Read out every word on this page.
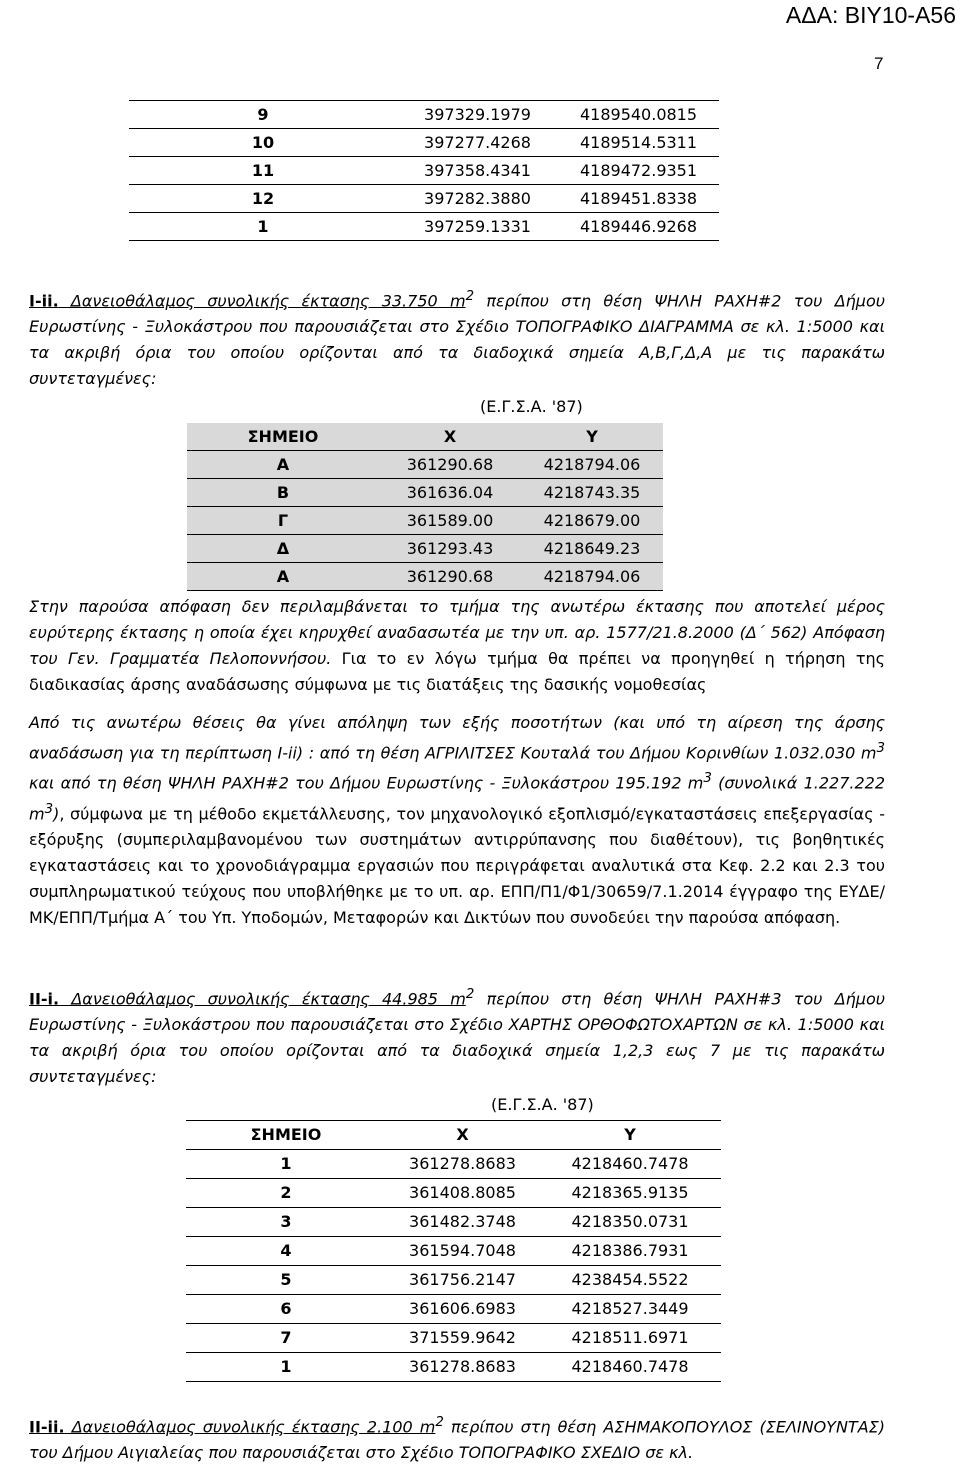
ΑΔΑ: ΒΙΥ10-Α56
7
9	397329.1979	4189540.0815
10	397277.4268	4189514.5311
11	397358.4341	4189472.9351
12	397282.3880	4189451.8338
1	397259.1331	4189446.9268

Ι-ii. Δανειοθάλαμος συνολικής έκτασης 33.750 $m^2$ περίπου στη θέση ΨΗΛΗ ΡΑΧΗ#2 του Δήμου Ευρωστίνης - Ξυλοκάστρου που παρουσιάζεται στο Σχέδιο ΤΟΠΟΓΡΑΦΙΚΟ ΔΙΑΓΡΑΜΜΑ σε κλ. 1:5000 και τα ακριβή όρια του οποίου ορίζονται από τα διαδοχικά σημεία Α,Β,Γ,Δ,Α με τις παρακάτω συντεταγμένες:

(Ε.Γ.Σ.Α. '87)
ΣΗΜΕΙΟ	Χ	Υ
Α	361290.68	4218794.06
Β	361636.04	4218743.35
Γ	361589.00	4218679.00
Δ	361293.43	4218649.23
Α	361290.68	4218794.06

Στην παρούσα απόφαση δεν περιλαμβάνεται το τμήμα της ανωτέρω έκτασης που αποτελεί μέρος ευρύτερης έκτασης η οποία έχει κηρυχθεί αναδασωτέα με την υπ. αρ. 1577/21.8.2000 (Δ΄ 562) Απόφαση του Γεν. Γραμματέα Πελοποννήσου. Για το εν λόγω τμήμα θα πρέπει να προηγηθεί η τήρηση της διαδικασίας άρσης αναδάσωσης σύμφωνα με τις διατάξεις της δασικής νομοθεσίας

Από τις ανωτέρω θέσεις θα γίνει απόληψη των εξής ποσοτήτων (και υπό τη αίρεση της άρσης αναδάσωση για τη περίπτωση I-ii) : από τη θέση ΑΓΡΙΛΙΤΣΕΣ Κουταλά του Δήμου Κορινθίων 1.032.030 $m^3$ και από τη θέση ΨΗΛΗ ΡΑΧΗ#2 του Δήμου Ευρωστίνης - Ξυλοκάστρου 195.192 $m^3$ (συνολικά 1.227.222 $m^3$), σύμφωνα με τη μέθοδο εκμετάλλευσης, τον μηχανολογικό εξοπλισμό/εγκαταστάσεις επεξεργασίας - εξόρυξης (συμπεριλαμβανομένου των συστημάτων αντιρρύπανσης που διαθέτουν), τις βοηθητικές εγκαταστάσεις και το χρονοδιάγραμμα εργασιών που περιγράφεται αναλυτικά στα Κεφ. 2.2 και 2.3 του συμπληρωματικού τεύχους που υποβλήθηκε με το υπ. αρ. ΕΠΠ/Π1/Φ1/30659/7.1.2014 έγγραφο της ΕΥΔΕ/ΜΚ/ΕΠΠ/Τμήμα Α΄ του Υπ. Υποδομών, Μεταφορών και Δικτύων που συνοδεύει την παρούσα απόφαση.

ΙI-i. Δανειοθάλαμος συνολικής έκτασης 44.985 $m^2$ περίπου στη θέση ΨΗΛΗ ΡΑΧΗ#3 του Δήμου Ευρωστίνης - Ξυλοκάστρου που παρουσιάζεται στο Σχέδιο ΧΑΡΤΗΣ ΟΡΘΟΦΩΤΟΧΑΡΤΩΝ σε κλ. 1:5000 και τα ακριβή όρια του οποίου ορίζονται από τα διαδοχικά σημεία 1,2,3 εως 7 με τις παρακάτω συντεταγμένες:

(Ε.Γ.Σ.Α. '87)
ΣΗΜΕΙΟ	Χ	Υ
1	361278.8683	4218460.7478
2	361408.8085	4218365.9135
3	361482.3748	4218350.0731
4	361594.7048	4218386.7931
5	361756.2147	4238454.5522
6	361606.6983	4218527.3449
7	371559.9642	4218511.6971
1	361278.8683	4218460.7478

ΙI-ii. Δανειοθάλαμος συνολικής έκτασης 2.100 $m^2$ περίπου στη θέση ΑΣΗΜΑΚΟΠΟΥΛΟΣ (ΣΕΛΙΝΟΥΝΤΑΣ) του Δήμου Αιγιαλείας που παρουσιάζεται στο Σχέδιο ΤΟΠΟΓΡΑΦΙΚΟ ΣΧΕΔΙΟ σε κλ.
